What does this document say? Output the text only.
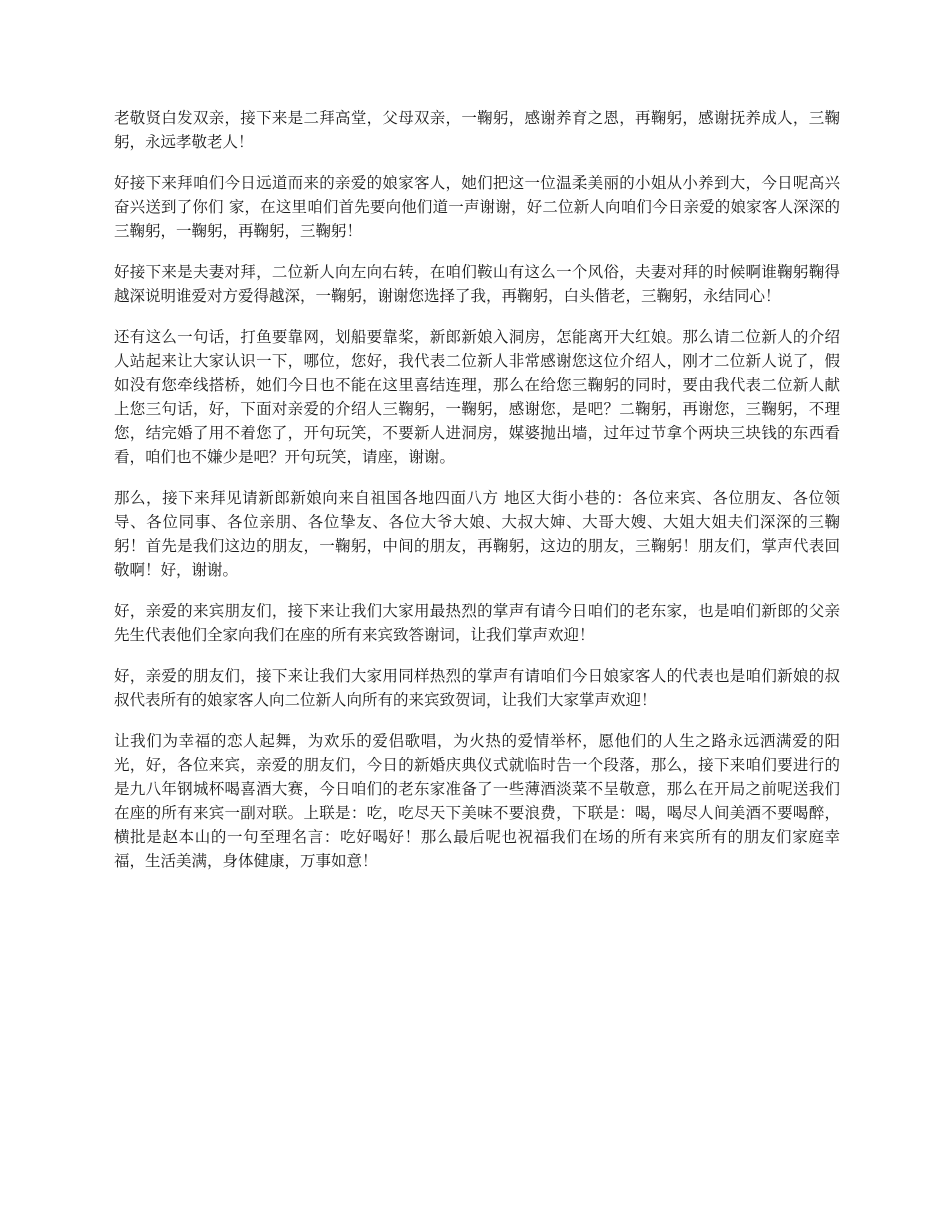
老敬贤白发双亲，接下来是二拜高堂，父母双亲，一鞠躬，感谢养育之恩，再鞠躬，感谢抚养成人，三鞠躬，永远孝敬老人！

好接下来拜咱们今日远道而来的亲爱的娘家客人，她们把这一位温柔美丽的小姐从小养到大，今日呢高兴奋兴送到了你们 家，在这里咱们首先要向他们道一声谢谢，好二位新人向咱们今日亲爱的娘家客人深深的三鞠躬，一鞠躬，再鞠躬，三鞠躬！

好接下来是夫妻对拜，二位新人向左向右转，在咱们鞍山有这么一个风俗，夫妻对拜的时候啊谁鞠躬鞠得越深说明谁爱对方爱得越深，一鞠躬，谢谢您选择了我，再鞠躬，白头偕老，三鞠躬，永结同心！

还有这么一句话，打鱼要靠网，划船要靠桨，新郎新娘入洞房，怎能离开大红娘。那么请二位新人的介绍人站起来让大家认识一下，哪位，您好，我代表二位新人非常感谢您这位介绍人，刚才二位新人说了，假如没有您牵线搭桥，她们今日也不能在这里喜结连理，那么在给您三鞠躬的同时，要由我代表二位新人献上您三句话，好，下面对亲爱的介绍人三鞠躬，一鞠躬，感谢您，是吧？二鞠躬，再谢您，三鞠躬，不理您，结完婚了用不着您了，开句玩笑，不要新人进洞房，媒婆抛出墙，过年过节拿个两块三块钱的东西看看，咱们也不嫌少是吧？开句玩笑，请座，谢谢。

那么，接下来拜见请新郎新娘向来自祖国各地四面八方 地区大街小巷的：各位来宾、各位朋友、各位领导、各位同事、各位亲朋、各位挚友、各位大爷大娘、大叔大婶、大哥大嫂、大姐大姐夫们深深的三鞠躬！首先是我们这边的朋友，一鞠躬，中间的朋友，再鞠躬，这边的朋友，三鞠躬！朋友们，掌声代表回敬啊！好，谢谢。

好，亲爱的来宾朋友们，接下来让我们大家用最热烈的掌声有请今日咱们的老东家，也是咱们新郎的父亲 先生代表他们全家向我们在座的所有来宾致答谢词，让我们掌声欢迎！

好，亲爱的朋友们，接下来让我们大家用同样热烈的掌声有请咱们今日娘家客人的代表也是咱们新娘的叔叔代表所有的娘家客人向二位新人向所有的来宾致贺词，让我们大家掌声欢迎！

让我们为幸福的恋人起舞，为欢乐的爱侣歌唱，为火热的爱情举杯，愿他们的人生之路永远洒满爱的阳光，好，各位来宾，亲爱的朋友们，今日的新婚庆典仪式就临时告一个段落，那么，接下来咱们要进行的是九八年钢城杯喝喜酒大赛，今日咱们的老东家准备了一些薄酒淡菜不呈敬意，那么在开局之前呢送我们在座的所有来宾一副对联。上联是：吃，吃尽天下美味不要浪费，下联是：喝，喝尽人间美酒不要喝醉，横批是赵本山的一句至理名言：吃好喝好！那么最后呢也祝福我们在场的所有来宾所有的朋友们家庭幸福，生活美满，身体健康，万事如意！
